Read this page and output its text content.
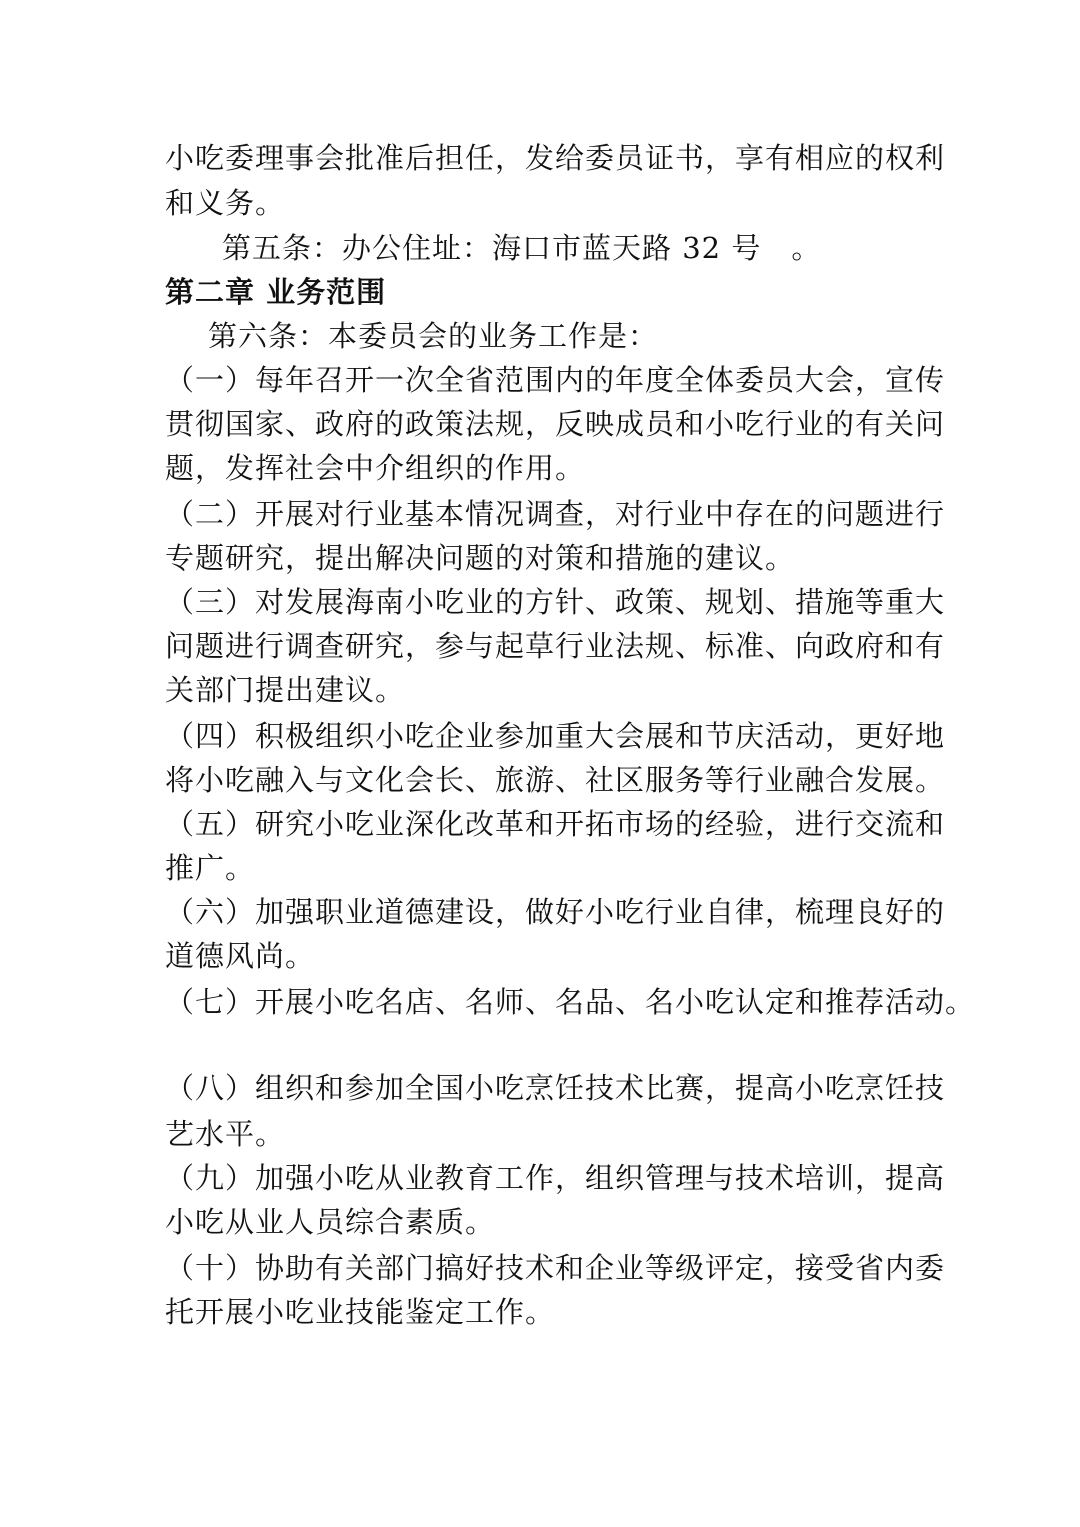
小吃委理事会批准后担任，发给委员证书，享有相应的权利
和义务。
第五条：办公住址：海口市蓝天路 32 号　。
第二章 业务范围
第六条：本委员会的业务工作是：
（一）每年召开一次全省范围内的年度全体委员大会，宣传
贯彻国家、政府的政策法规，反映成员和小吃行业的有关问
题，发挥社会中介组织的作用。
（二）开展对行业基本情况调查，对行业中存在的问题进行
专题研究，提出解决问题的对策和措施的建议。
（三）对发展海南小吃业的方针、政策、规划、措施等重大
问题进行调查研究，参与起草行业法规、标准、向政府和有
关部门提出建议。
（四）积极组织小吃企业参加重大会展和节庆活动，更好地
将小吃融入与文化会长、旅游、社区服务等行业融合发展。
（五）研究小吃业深化改革和开拓市场的经验，进行交流和
推广。
（六）加强职业道德建设，做好小吃行业自律，梳理良好的
道德风尚。
（七）开展小吃名店、名师、名品、名小吃认定和推荐活动。
（八）组织和参加全国小吃烹饪技术比赛，提高小吃烹饪技
艺水平。
（九）加强小吃从业教育工作，组织管理与技术培训，提高
小吃从业人员综合素质。
（十）协助有关部门搞好技术和企业等级评定，接受省内委
托开展小吃业技能鉴定工作。
